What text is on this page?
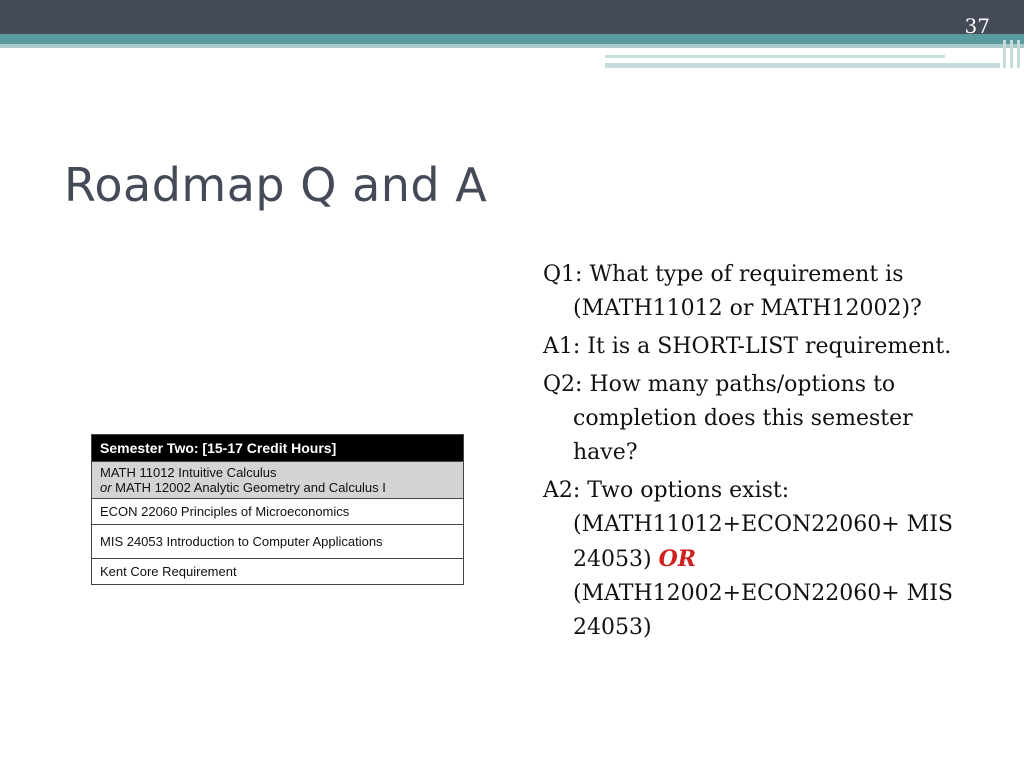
37
Roadmap Q and A
Semester Two: [15-17 Credit Hours]

MATH 11012 Intuitive Calculus
or MATH 12002 Analytic Geometry and Calculus I

ECON 22060 Principles of Microeconomics
MIS 24053 Introduction to Computer Applications
Kent Core Requirement
Q1: What type of requirement is (MATH11012 or MATH12002)?
A1: It is a SHORT-LIST requirement.
Q2: How many paths/options to completion does this semester have?
A2: Two options exist: (MATH11012+ECON22060+ MIS 24053) OR (MATH12002+ECON22060+ MIS 24053)
